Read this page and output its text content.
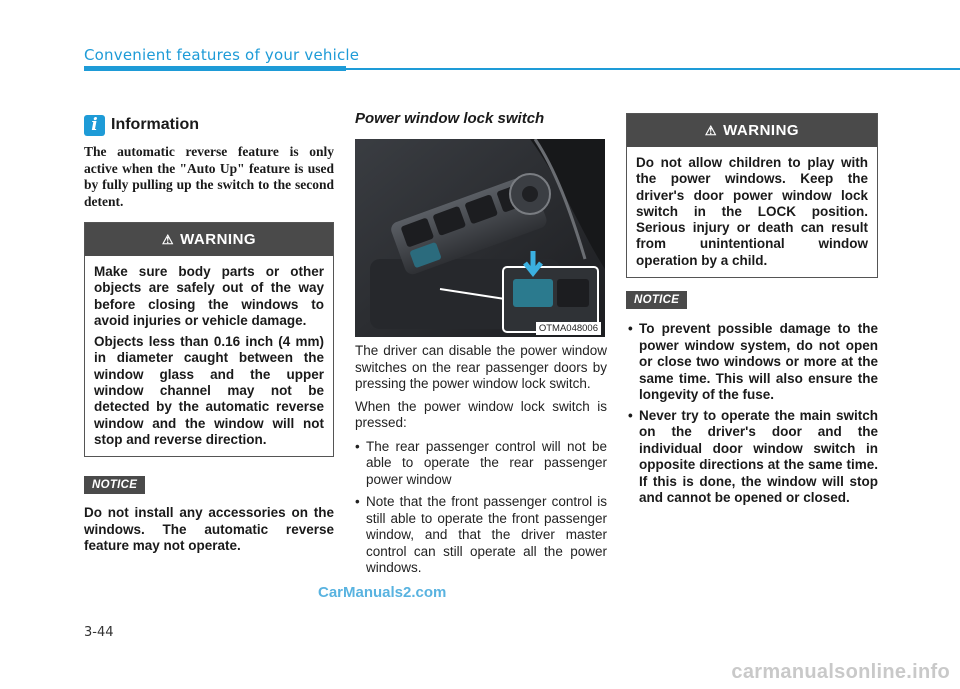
Convenient features of your vehicle
i Information

The automatic reverse feature is only active when the "Auto Up" feature is used by fully pulling up the switch to the second detent.

⚠ WARNING

Make sure body parts or other objects are safely out of the way before closing the windows to avoid injuries or vehicle damage.

Objects less than 0.16 inch (4 mm) in diameter caught between the window glass and the upper window channel may not be detected by the automatic reverse window and the window will not stop and reverse direction.

NOTICE

Do not install any accessories on the windows. The automatic reverse feature may not operate.

Power window lock switch
OTMA048006

The driver can disable the power window switches on the rear passenger doors by pressing the power window lock switch.

When the power window lock switch is pressed:

• The rear passenger control will not be able to operate the rear passenger power window
• Note that the front passenger control is still able to operate the front passenger window, and that the driver master control can still operate all the power windows.
⚠ WARNING

Do not allow children to play with the power windows. Keep the driver's door power window lock switch in the LOCK position. Serious injury or death can result from unintentional window operation by a child.

NOTICE
• To prevent possible damage to the power window system, do not open or close two windows or more at the same time. This will also ensure the longevity of the fuse.
• Never try to operate the main switch on the driver's door and the individual door window switch in opposite directions at the same time. If this is done, the window will stop and cannot be opened or closed.
CarManuals2.com
3-44
carmanualsonline.info
